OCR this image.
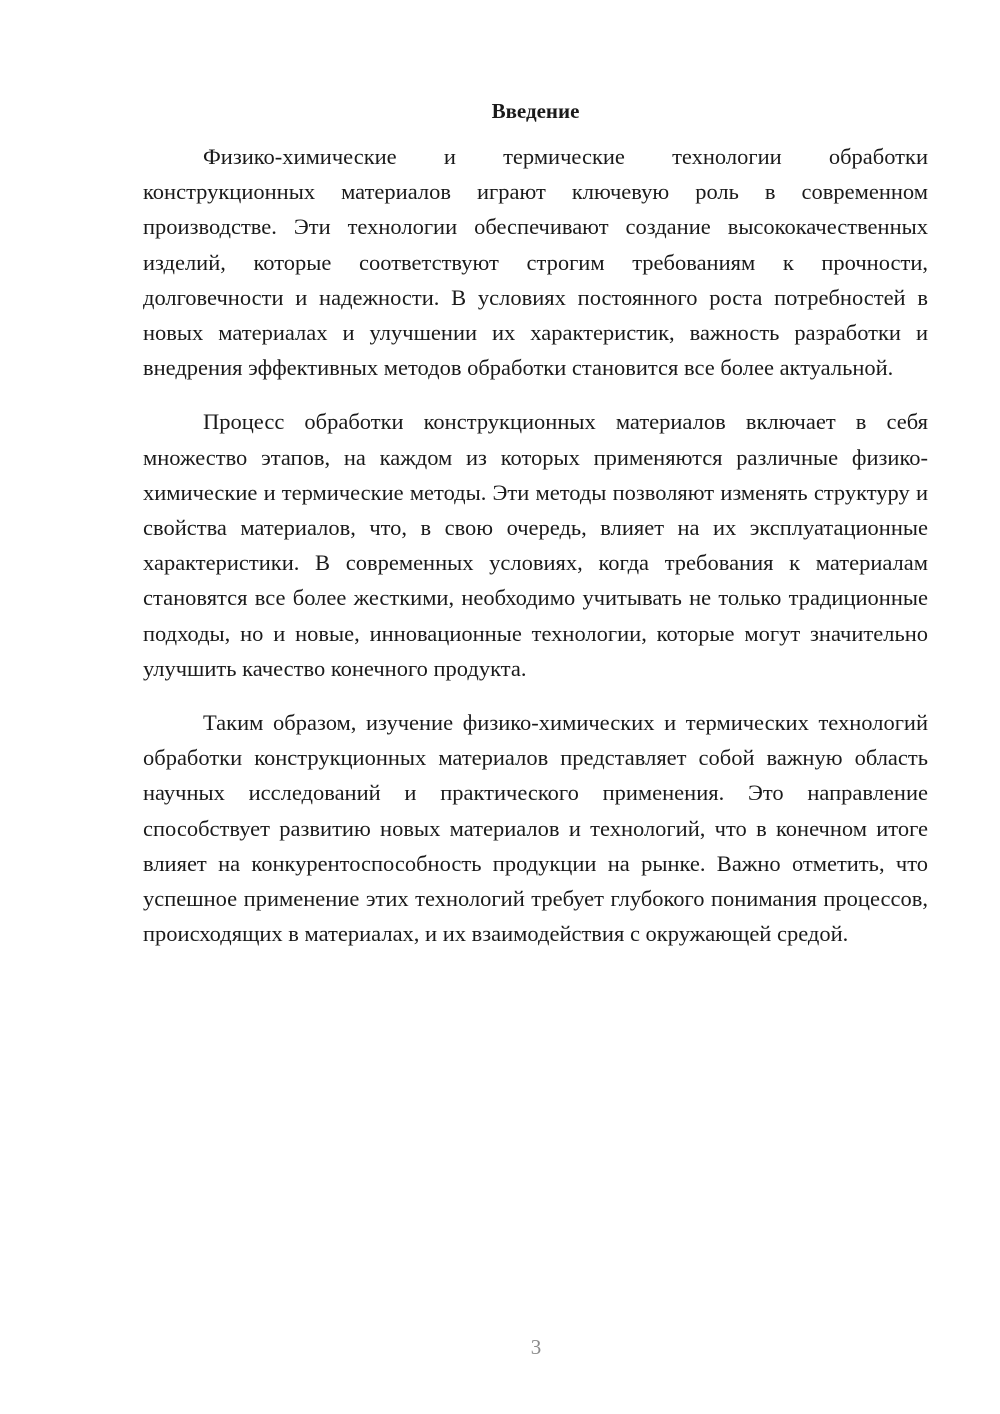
Введение

Физико-химические и термические технологии обработки конструкционных материалов играют ключевую роль в современном производстве. Эти технологии обеспечивают создание высококачественных изделий, которые соответствуют строгим требованиям к прочности, долговечности и надежности. В условиях постоянного роста потребностей в новых материалах и улучшении их характеристик, важность разработки и внедрения эффективных методов обработки становится все более актуальной.

Процесс обработки конструкционных материалов включает в себя множество этапов, на каждом из которых применяются различные физико-химические и термические методы. Эти методы позволяют изменять структуру и свойства материалов, что, в свою очередь, влияет на их эксплуатационные характеристики. В современных условиях, когда требования к материалам становятся все более жесткими, необходимо учитывать не только традиционные подходы, но и новые, инновационные технологии, которые могут значительно улучшить качество конечного продукта.

Таким образом, изучение физико-химических и термических технологий обработки конструкционных материалов представляет собой важную область научных исследований и практического применения. Это направление способствует развитию новых материалов и технологий, что в конечном итоге влияет на конкурентоспособность продукции на рынке. Важно отметить, что успешное применение этих технологий требует глубокого понимания процессов, происходящих в материалах, и их взаимодействия с окружающей средой.

3
